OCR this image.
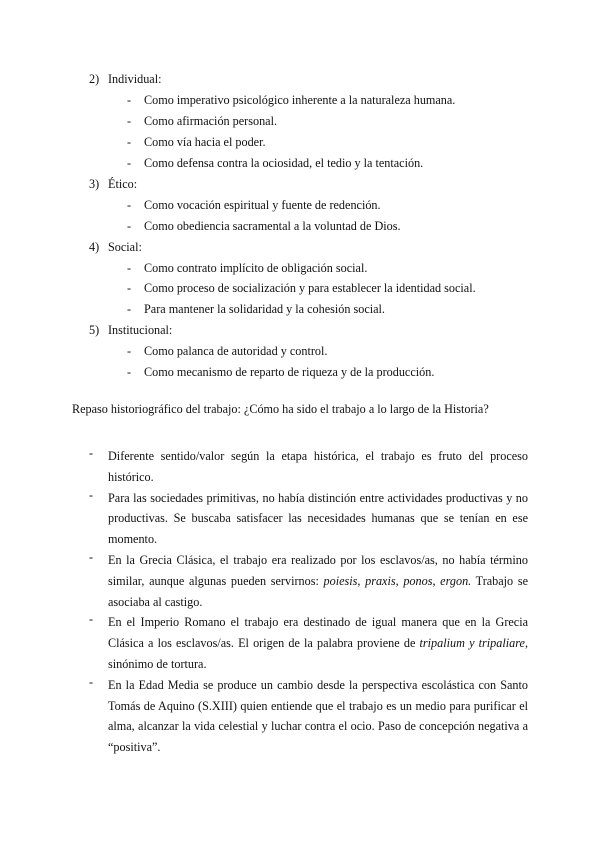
2) Individual:
- Como imperativo psicológico inherente a la naturaleza humana.
- Como afirmación personal.
- Como vía hacia el poder.
- Como defensa contra la ociosidad, el tedio y la tentación.
3) Ético:
- Como vocación espiritual y fuente de redención.
- Como obediencia sacramental a la voluntad de Dios.
4) Social:
- Como contrato implícito de obligación social.
- Como proceso de socialización y para establecer la identidad social.
- Para mantener la solidaridad y la cohesión social.
5) Institucional:
- Como palanca de autoridad y control.
- Como mecanismo de reparto de riqueza y de la producción.
Repaso historiográfico del trabajo: ¿Cómo ha sido el trabajo a lo largo de la Historia?
- Diferente sentido/valor según la etapa histórica, el trabajo es fruto del proceso histórico.
- Para las sociedades primitivas, no había distinción entre actividades productivas y no productivas. Se buscaba satisfacer las necesidades humanas que se tenían en ese momento.
- En la Grecia Clásica, el trabajo era realizado por los esclavos/as, no había término similar, aunque algunas pueden servirnos: poiesis, praxis, ponos, ergon. Trabajo se asociaba al castigo.
- En el Imperio Romano el trabajo era destinado de igual manera que en la Grecia Clásica a los esclavos/as. El origen de la palabra proviene de tripalium y tripaliare, sinónimo de tortura.
- En la Edad Media se produce un cambio desde la perspectiva escolástica con Santo Tomás de Aquino (S.XIII) quien entiende que el trabajo es un medio para purificar el alma, alcanzar la vida celestial y luchar contra el ocio. Paso de concepción negativa a “positiva”.
